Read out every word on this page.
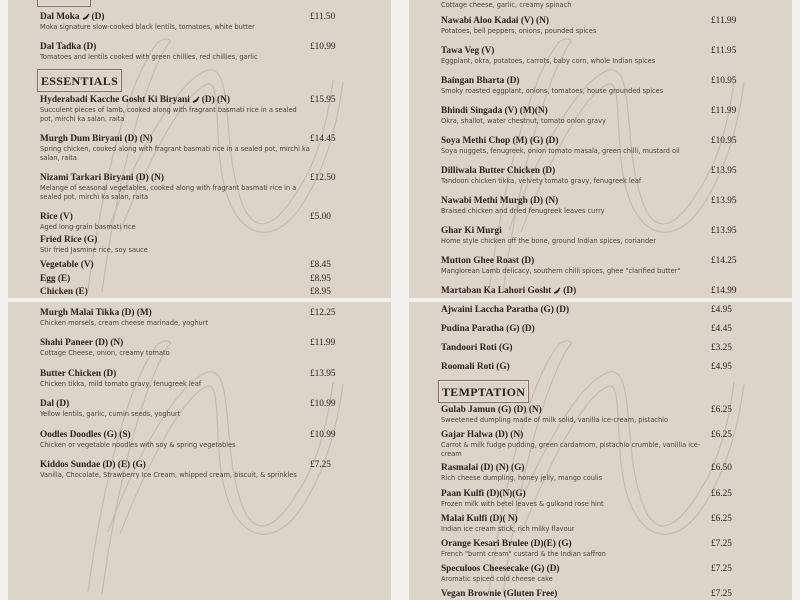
ESSENTIALS
Dal Moka (D)	£11.50
Moka signature slow-cooked black lentils, tomatoes, white butter
Dal Tadka (D)	£10.99
Tomatoes and lentils cooked with green chillies, red chillies, garlic
Hyderabadi Kacche Gosht Ki Biryani (D) (N)	£15.95
Succulent pieces of lamb, cooked along with fragrant basmati rice in a sealed pot, mirchi ka salan, raita
Murgh Dum Biryani (D) (N)	£14.45
Spring chicken, cooked along with fragrant basmati rice in a sealed pot, mirchi ka salan, raita
Nizami Tarkari Biryani (D) (N)	£12.50
Melange of seasonal vegetables, cooked along with fragrant basmati rice in a sealed pot, mirchi ka salan, raita
Rice (V)	£5.00
Aged long-grain basmati rice
Fried Rice (G)
Stir fried Jasmine rice, soy sauce
Vegetable (V)	£8.45
Egg (E)	£8.95
Chicken (E)	£8.95
Cottage cheese, garlic, creamy spinach
Nawabi Aloo Kadai (V) (N)	£11.99
Potatoes, bell peppers, onions, pounded spices
Tawa Veg (V)	£11.95
Eggplant, okra, potatoes, carrots, baby corn, whole Indian spices
Baingan Bharta (D)	£10.95
Smoky roasted eggplant, onions, tomatoes, house grounded spices
Bhindi Singada (V) (M)(N)	£11.99
Okra, shallot, water chestnut, tomato onion gravy
Soya Methi Chop (M) (G) (D)	£10.95
Soya nuggets, fenugreek, onion tomato masala, green chilli, mustard oil
Dilliwala Butter Chicken (D)	£13.95
Tandoori chicken tikka, velvety tomato gravy, fenugreek leaf
Nawabi Methi Murgh (D) (N)	£13.95
Braised chicken and dried fenugreek leaves curry
Ghar Ki Murgi	£13.95
Home style chicken off the bone, ground Indian spices, coriander
Mutton Ghee Roast (D)	£14.25
Manglorean Lamb delicacy, southern chilli spices, ghee "clarified butter"
Martaban Ka Lahori Gosht (D)	£14.99
Murgh Malai Tikka (D) (M)	£12.25
Chicken morsels, cream cheese marinade, yoghurt
Shahi Paneer (D) (N)	£11.99
Cottage Cheese, onion, creamy tomato
Butter Chicken (D)	£13.95
Chicken tikka, mild tomato gravy, fenugreek leaf
Dal (D)	£10.99
Yellow lentils, garlic, cumin seeds, yoghurt
Oodles Doodles (G) (S)	£10.99
Chicken or vegetable noodles with soy & spring vegetables
Kiddos Sundae (D) (E) (G)	£7.25
Vanilla, Chocolate, Strawberry Ice Cream, whipped cream, biscuit, & sprinkles
TEMPTATION
Ajwaini Laccha Paratha (G) (D)	£4.95
Pudina Paratha (G) (D)	£4.45
Tandoori Roti (G)	£3.25
Roomali Roti (G)	£4.95
Gulab Jamun (G) (D) (N)	£6.25
Sweetened dumpling made of milk solid, vanilla ice-cream, pistachio
Gajar Halwa (D) (N)	£6.25
Carrot & milk fudge pudding, green cardamom, pistachio crumble, vanillia ice-cream
Rasmalai (D) (N) (G)	£6.50
Rich cheese dumpling, honey jelly, mango coulis
Paan Kulfi (D)(N)(G)	£6.25
Frozen milk with betel leaves & gulkand rose hint
Malai Kulfi (D)( N)	£6.25
Indian ice cream stick, rich milky flavour
Orange Kesari Brulee (D)(E) (G)	£7.25
French "burnt cream" custard & the Indian saffron
Speculoos Cheesecake (G) (D)	£7.25
Aromatic spiced cold cheese cake
Vegan Brownie (Gluten Free)	£7.25
